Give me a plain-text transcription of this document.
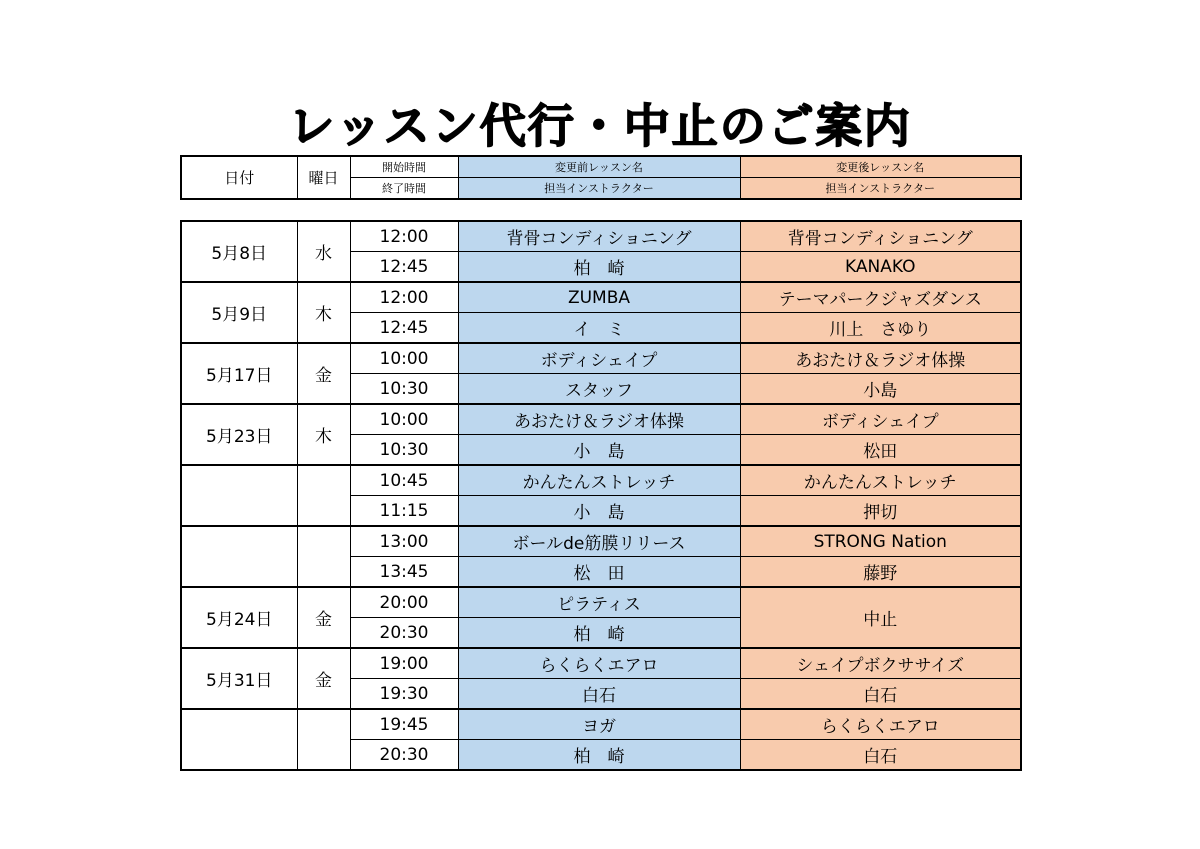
レッスン代行・中止のご案内
日付	曜日	開始時間	変更前レッスン名	変更後レッスン名
		終了時間	担当インストラクター	担当インストラクター
5月8日	水	12:00	背骨コンディショニング	背骨コンディショニング
		12:45	柏　崎	KANAKO
5月9日	木	12:00	ZUMBA	テーマパークジャズダンス
		12:45	イ　ミ	川上　さゆり
5月17日	金	10:00	ボディシェイプ	あおたけ＆ラジオ体操
		10:30	スタッフ	小島
5月23日	木	10:00	あおたけ＆ラジオ体操	ボディシェイプ
		10:30	小　島	松田
		10:45	かんたんストレッチ	かんたんストレッチ
		11:15	小　島	押切
		13:00	ボールde筋膜リリース	STRONG Nation
		13:45	松　田	藤野
5月24日	金	20:00	ピラティス	中止
		20:30	柏　崎	
5月31日	金	19:00	らくらくエアロ	シェイプボクササイズ
		19:30	白石	白石
		19:45	ヨガ	らくらくエアロ
		20:30	柏　崎	白石
